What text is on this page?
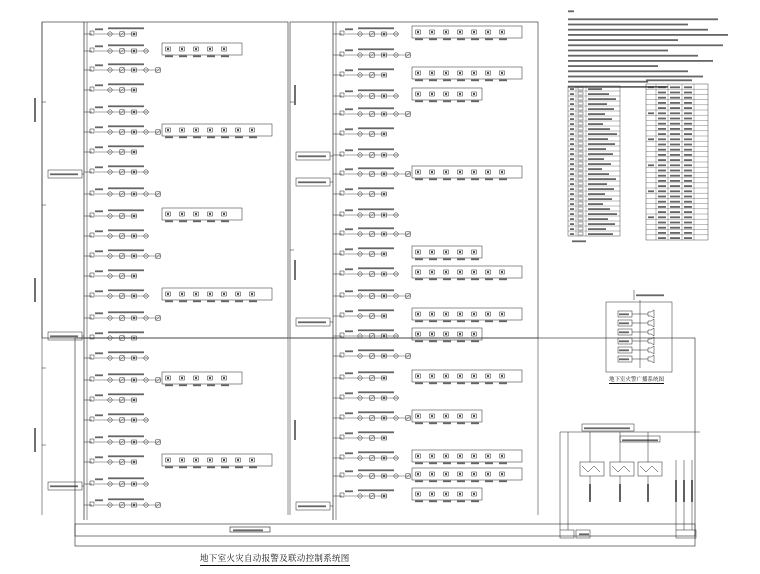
地下室火警广播系统图
地下室火灾自动报警及联动控制系统图
